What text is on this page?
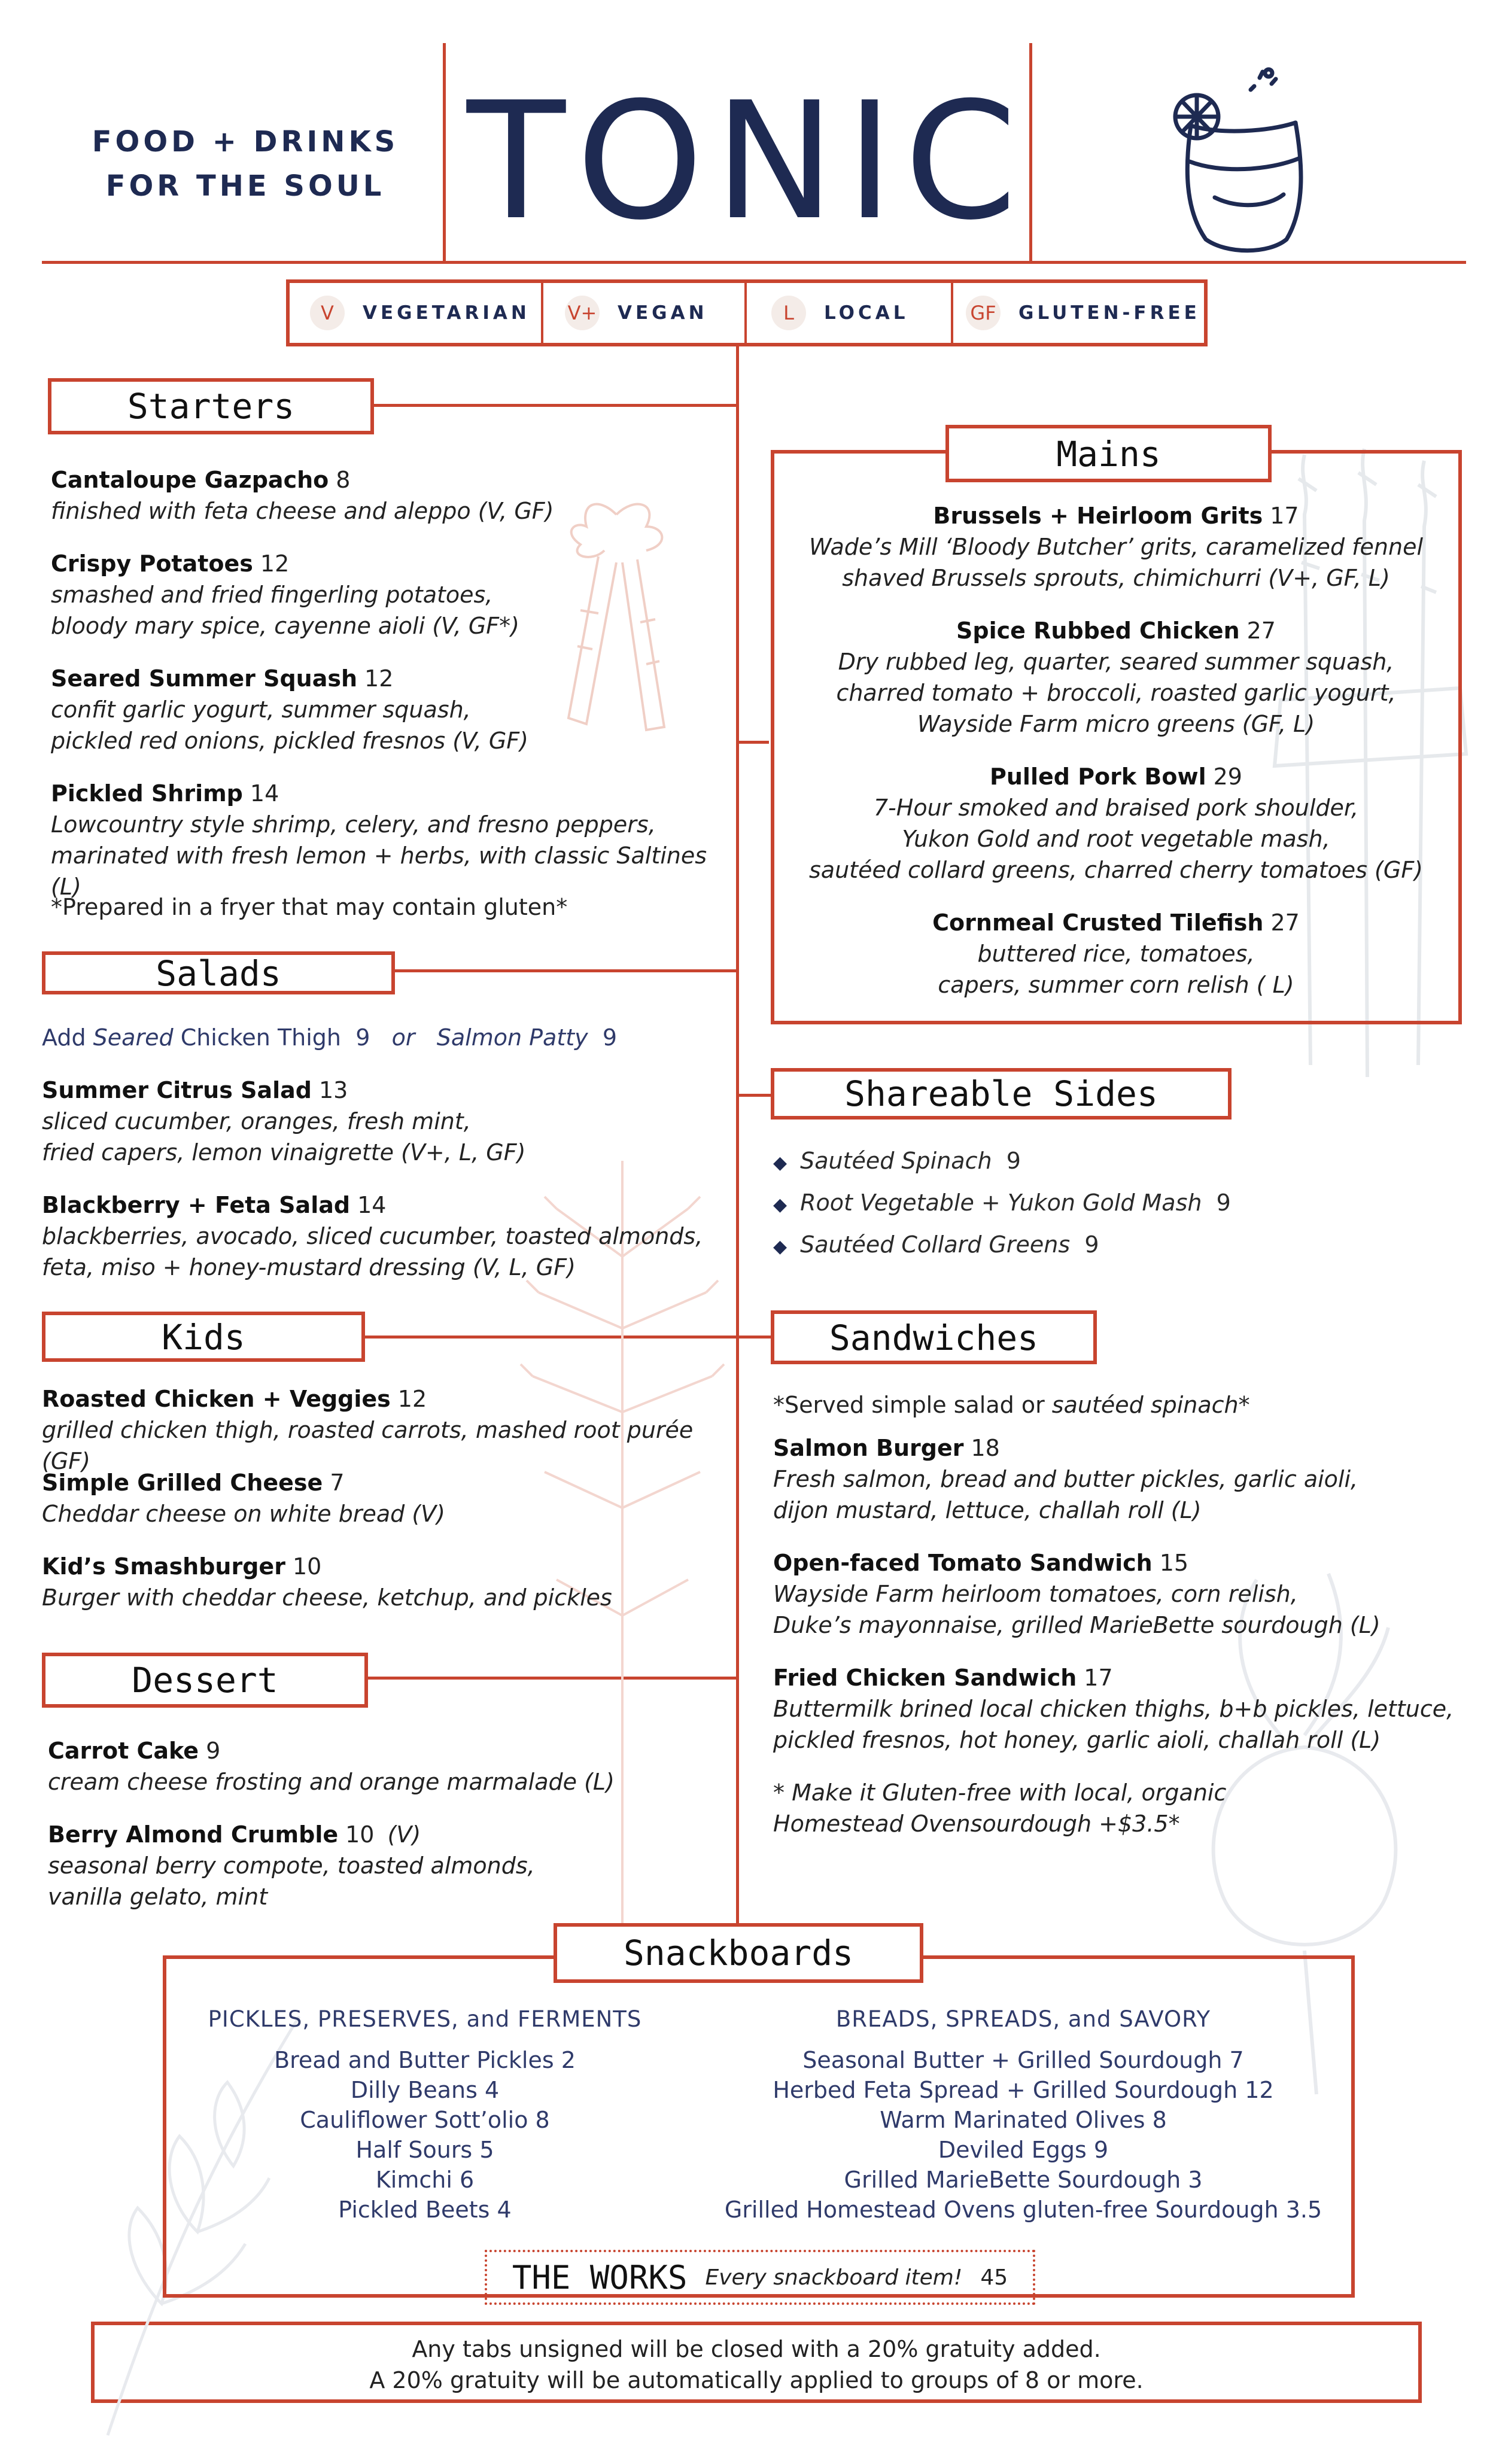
FOOD + DRINKS
FOR THE SOUL TONIC
V	VEGETARIAN V+ VEGAN	L	LOCAL	GF GLUTEN-FREE
Starters
Cantaloupe Gazpacho 8
finished with feta cheese and aleppo (V, GF)
Crispy Potatoes 12
smashed and fried fingerling potatoes,
bloody mary spice, cayenne aioli (V, GF*)
Seared Summer Squash 12
confit garlic yogurt, summer squash,
pickled red onions, pickled fresnos (V, GF)
Pickled Shrimp 14
Lowcountry style shrimp, celery, and fresno peppers,
marinated with fresh lemon + herbs, with classic Saltines (L)
*Prepared in a fryer that may contain gluten*
Salads
Add Seared Chicken Thigh 9 or Salmon Patty 9
Summer Citrus Salad 13
sliced cucumber, oranges, fresh mint,
fried capers, lemon vinaigrette (V+, L, GF)
Blackberry + Feta Salad 14
blackberries, avocado, sliced cucumber, toasted almonds,
feta, miso + honey-mustard dressing (V, L, GF)
Kids
Roasted Chicken + Veggies 12
grilled chicken thigh, roasted carrots, mashed root purée (GF)
Simple Grilled Cheese 7
Cheddar cheese on white bread (V)
Kid’s Smashburger 10
Burger with cheddar cheese, ketchup, and pickles
Dessert
Carrot Cake 9
cream cheese frosting and orange marmalade (L)
Berry Almond Crumble 10 (V)
seasonal berry compote, toasted almonds,
vanilla gelato, mint
Mains
Brussels + Heirloom Grits 17
Wade’s Mill ‘Bloody Butcher’ grits, caramelized fennel
shaved Brussels sprouts, chimichurri (V+, GF, L)
Spice Rubbed Chicken 27
Dry rubbed leg, quarter, seared summer squash,
charred tomato + broccoli, roasted garlic yogurt,
Wayside Farm micro greens (GF, L)
Pulled Pork Bowl 29
7-Hour smoked and braised pork shoulder,
Yukon Gold and root vegetable mash,
sautéed collard greens, charred cherry tomatoes (GF)
Cornmeal Crusted Tilefish 27
buttered rice, tomatoes,
capers, summer corn relish ( L)
Shareable Sides
◆ Sautéed Spinach 9
◆ Root Vegetable + Yukon Gold Mash 9
◆ Sautéed Collard Greens 9
Sandwiches
*Served simple salad or sautéed spinach*
Salmon Burger 18
Fresh salmon, bread and butter pickles, garlic aioli,
dijon mustard, lettuce, challah roll (L)
Open-faced Tomato Sandwich 15
Wayside Farm heirloom tomatoes, corn relish,
Duke’s mayonnaise, grilled MarieBette sourdough (L)
Fried Chicken Sandwich 17
Buttermilk brined local chicken thighs, b+b pickles, lettuce,
pickled fresnos, hot honey, garlic aioli, challah roll (L)
* Make it Gluten-free with local, organic
Homestead Ovensourdough +$3.5*
Snackboards
PICKLES, PRESERVES, and FERMENTS
Bread and Butter Pickles 2
Dilly Beans 4
Cauliflower Sott’olio 8
Half Sours 5
Kimchi 6
Pickled Beets 4
BREADS, SPREADS, and SAVORY
Seasonal Butter + Grilled Sourdough 7
Herbed Feta Spread + Grilled Sourdough 12
Warm Marinated Olives 8
Deviled Eggs 9
Grilled MarieBette Sourdough 3
Grilled Homestead Ovens gluten-free Sourdough 3.5
THE WORKS Every snackboard item! 45
Any tabs unsigned will be closed with a 20% gratuity added.
A 20% gratuity will be automatically applied to groups of 8 or more.
